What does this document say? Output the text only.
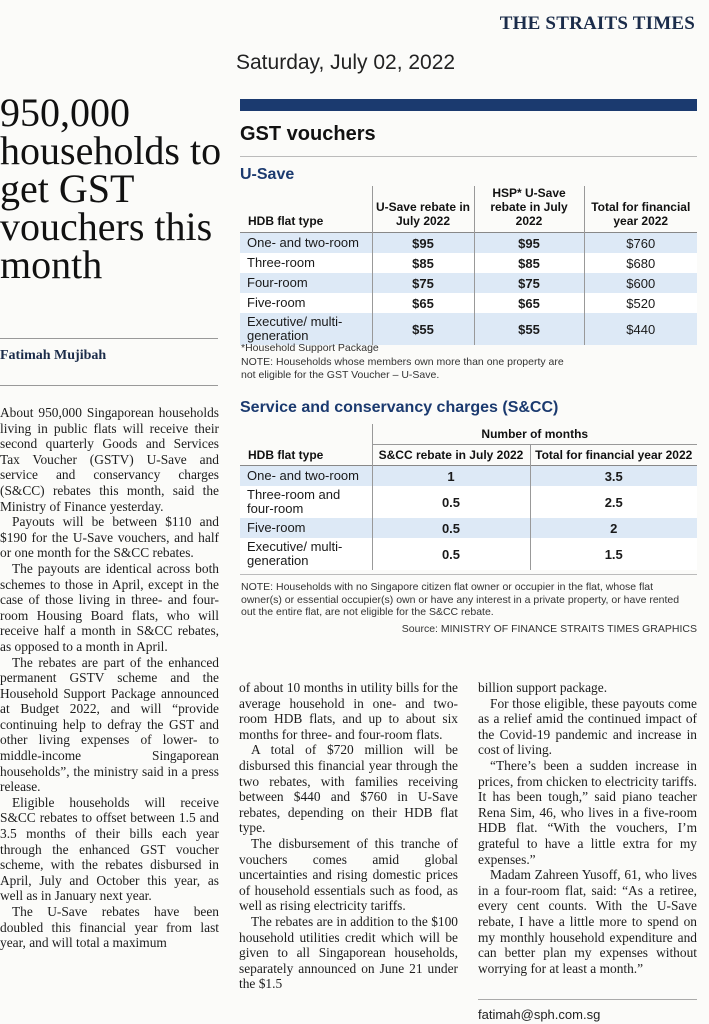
THE STRAITS TIMES
Saturday, July 02, 2022
GST vouchers
U-Save
HDB flat type	U-Save rebate in July 2022	HSP* U-Save rebate in July 2022	Total for financial year 2022
One- and two-room	$95	$95	$760
Three-room	$85	$85	$680
Four-room	$75	$75	$600
Five-room	$65	$65	$520
Executive/ multi-generation	$55	$55	$440
*Household Support Package
NOTE: Households whose members own more than one property are not eligible for the GST Voucher – U-Save.
Service and conservancy charges (S&CC)
	Number of months	
HDB flat type	S&CC rebate in July 2022	Total for financial year 2022
One- and two-room	1	3.5
Three-room and four-room	0.5	2.5
Five-room	0.5	2
Executive/ multi-generation	0.5	1.5
NOTE: Households with no Singapore citizen flat owner or occupier in the flat, whose flat owner(s) or essential occupier(s) own or have any interest in a private property, or have rented out the entire flat, are not eligible for the S&CC rebate.
Source: MINISTRY OF FINANCE STRAITS TIMES GRAPHICS
950,000 households to get GST vouchers this month
Fatimah Mujibah

About 950,000 Singaporean households living in public flats will receive their second quarterly Goods and Services Tax Voucher (GSTV) U-Save and service and conservancy charges (S&CC) rebates this month, said the Ministry of Finance yesterday.

Payouts will be between $110 and $190 for the U-Save vouchers, and half or one month for the S&CC rebates.

The payouts are identical across both schemes to those in April, except in the case of those living in three- and four-room Housing Board flats, who will receive half a month in S&CC rebates, as opposed to a month in April.

The rebates are part of the enhanced permanent GSTV scheme and the Household Support Package announced at Budget 2022, and will “provide continuing help to defray the GST and other living expenses of lower- to middle-income Singaporean households”, the ministry said in a press release.

Eligible households will receive S&CC rebates to offset between 1.5 and 3.5 months of their bills each year through the enhanced GST voucher scheme, with the rebates disbursed in April, July and October this year, as well as in January next year.

The U-Save rebates have been doubled this financial year from last year, and will total a maximum

of about 10 months in utility bills for the average household in one- and two-room HDB flats, and up to about six months for three- and four-room flats.

A total of $720 million will be disbursed this financial year through the two rebates, with families receiving between $440 and $760 in U-Save rebates, depending on their HDB flat type.

The disbursement of this tranche of vouchers comes amid global uncertainties and rising domestic prices of household essentials such as food, as well as rising electricity tariffs.

The rebates are in addition to the $100 household utilities credit which will be given to all Singaporean households, separately announced on June 21 under the $1.5

billion support package.

For those eligible, these payouts come as a relief amid the continued impact of the Covid-19 pandemic and increase in cost of living.

“There’s been a sudden increase in prices, from chicken to electricity tariffs. It has been tough,” said piano teacher Rena Sim, 46, who lives in a five-room HDB flat. “With the vouchers, I’m grateful to have a little extra for my expenses.”

Madam Zahreen Yusoff, 61, who lives in a four-room flat, said: “As a retiree, every cent counts. With the U-Save rebate, I have a little more to spend on my monthly household expenditure and can better plan my expenses without worrying for at least a month.”

fatimah@sph.com.sg
